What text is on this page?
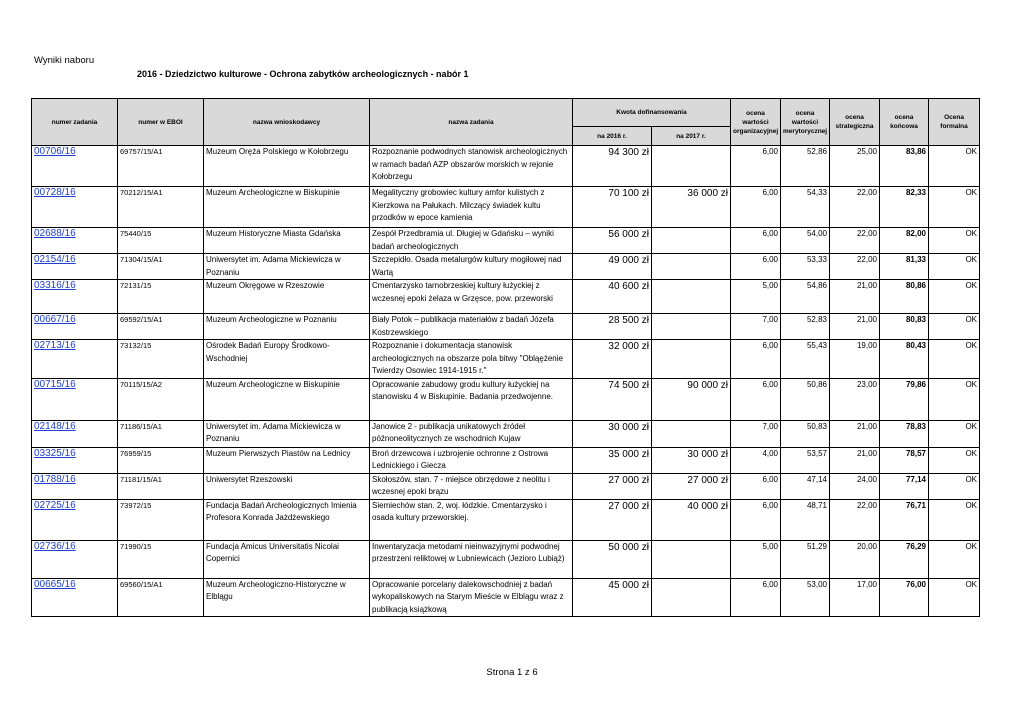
Wyniki naboru
2016 - Dziedzictwo kulturowe - Ochrona zabytków archeologicznych - nabór 1
numer zadania	numer w EBOI	nazwa wnioskodawcy	nazwa zadania	Kwota dofinansowania		ocena wartości organizacyjnej	ocena wartości merytorycznej	ocena strategiczna	ocena końcowa	Ocena formalna
				na 2016 r.	na 2017 r.					
00706/16	69757/15/A1	Muzeum Oręża Polskiego w Kołobrzegu	Rozpoznanie podwodnych stanowisk archeologicznych w ramach badań AZP obszarów morskich w rejonie Kołobrzegu	94 300 zł		6,00	52,86	25,00	83,86	OK
00728/16	70212/15/A1	Muzeum Archeologiczne w Biskupinie	Megalityczny grobowiec kultury amfor kulistych z Kierzkowa na Pałukach. Milczący świadek kultu przodków w epoce kamienia	70 100 zł	36 000 zł	6,00	54,33	22,00	82,33	OK
02688/16	75440/15	Muzeum Historyczne Miasta Gdańska	Zespół Przedbramia ul. Długiej w Gdańsku – wyniki badań archeologicznych	56 000 zł		6,00	54,00	22,00	82,00	OK
02154/16	71304/15/A1	Uniwersytet im. Adama Mickiewicza w Poznaniu	Szczepidło. Osada metalurgów kultury mogiłowej nad Wartą	49 000 zł		6,00	53,33	22,00	81,33	OK
03316/16	72131/15	Muzeum Okręgowe w Rzeszowie	Cmentarzysko tarnobrzeskiej kultury łużyckiej z wczesnej epoki żelaza w Grzęsce, pow. przeworski	40 600 zł		5,00	54,86	21,00	80,86	OK
00667/16	69592/15/A1	Muzeum Archeologiczne w Poznaniu	Biały Potok – publikacja materiałów z badań Józefa Kostrzewskiego	28 500 zł		7,00	52,83	21,00	80,83	OK
02713/16	73132/15	Ośrodek Badań Europy Środkowo-Wschodniej	Rozpoznanie i dokumentacja stanowisk archeologicznych na obszarze pola bitwy "Obląężenie Twierdzy Osowiec 1914-1915 r."	32 000 zł		6,00	55,43	19,00	80,43	OK
00715/16	70115/15/A2	Muzeum Archeologiczne w Biskupinie	Opracowanie zabudowy grodu kultury łużyckiej na stanowisku 4 w Biskupinie. Badania przedwojenne.	74 500 zł	90 000 zł	6,00	50,86	23,00	79,86	OK
02148/16	71186/15/A1	Uniwersytet im. Adama Mickiewicza w Poznaniu	Janowice 2 - publikacja unikatowych źródeł późnoneolitycznych ze wschodnich Kujaw	30 000 zł		7,00	50,83	21,00	78,83	OK
03325/16	76959/15	Muzeum Pierwszych Piastów na Lednicy	Broń drzewcowa i uzbrojenie ochronne z Ostrowa Lednickiego i Giecza	35 000 zł	30 000 zł	4,00	53,57	21,00	78,57	OK
01788/16	71181/15/A1	Uniwersytet Rzeszowski	Skołoszów, stan. 7 - miejsce obrzędowe z neolitu i wczesnej epoki brązu	27 000 zł	27 000 zł	6,00	47,14	24,00	77,14	OK
02725/16	73972/15	Fundacja Badań Archeologicznych Imienia Profesora Konrada Jażdżewskiego	Siemiechów stan. 2, woj. łódzkie. Cmentarzysko i osada kultury przeworskiej.	27 000 zł	40 000 zł	6,00	48,71	22,00	76,71	OK
02736/16	71990/15	Fundacja Amicus Universitatis Nicolai Copernici	Inwentaryzacja metodami nieinwazyjnymi podwodnej przestrzeni reliktowej w Lubniewicach (Jezioro Lubiąż)	50 000 zł		5,00	51,29	20,00	76,29	OK
00665/16	69560/15/A1	Muzeum Archeologiczno-Historyczne w Elblągu	Opracowanie porcelany dalekowschodniej z badań wykopaliskowych na Starym Mieście w Elblągu wraz z publikacją książkową	45 000 zł		6,00	53,00	17,00	76,00	OK
Strona 1 z 6
